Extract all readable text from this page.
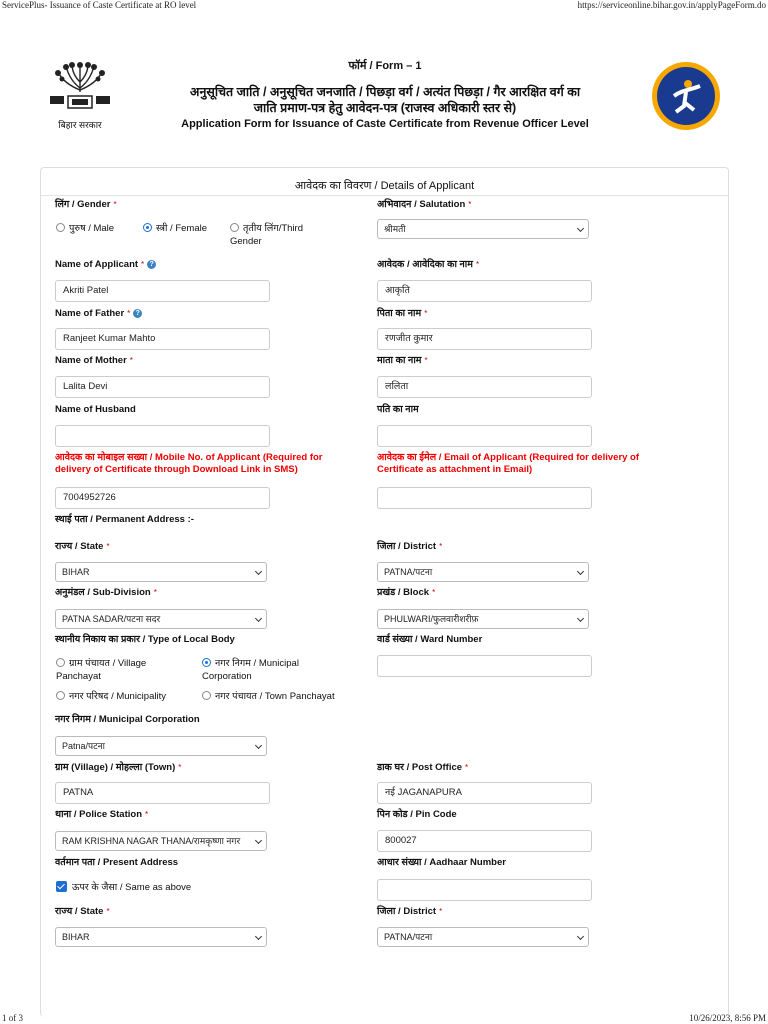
ServicePlus- Issuance of Caste Certificate at RO level	https://serviceonline.bihar.gov.in/applyPageForm.do
1 of 3	10/26/2023, 8:56 PM
बिहार सरकार
फॉर्म / Form – 1
अनुसूचित जाति / अनुसूचित जनजाति / पिछड़ा वर्ग / अत्यंत पिछड़ा / गैर आरक्षित वर्ग का
जाति प्रमाण-पत्र हेतु आवेदन-पत्र (राजस्व अधिकारी स्तर से)
Application Form for Issuance of Caste Certificate from Revenue Officer Level
आवेदक का विवरण / Details of Applicant
लिंग / Gender *
पुरुष / Male	स्त्री / Female	तृतीय लिंग/Third Gender
अभिवादन / Salutation *
श्रीमती
Name of Applicant * ?
Akriti Patel
आवेदक / आवेदिका का नाम *
आकृति
Name of Father * ?
Ranjeet Kumar Mahto
पिता का नाम *
रणजीत कुमार
Name of Mother *
Lalita Devi
माता का नाम *
ललिता
Name of Husband	पति का नाम
आवेदक का मोबाइल सख्या / Mobile No. of Applicant (Required for delivery of Certificate through Download Link in SMS)
7004952726
आवेदक का ईमेल / Email of Applicant (Required for delivery of Certificate as attachment in Email)
स्थाई पता / Permanent Address :-
राज्य / State *
BIHAR
जिला / District *
PATNA/पटना
अनुमंडल / Sub-Division *
PATNA SADAR/पटना सदर
प्रखंड / Block *
PHULWARI/फुलवारीशरीफ़
स्थानीय निकाय का प्रकार / Type of Local Body
ग्राम पंचायत / Village Panchayat
नगर निगम / Municipal Corporation
नगर परिषद / Municipality	नगर पंचायत / Town Panchayat
वार्ड संख्या / Ward Number
नगर निगम / Municipal Corporation
Patna/पटना
ग्राम (Village) / मोहल्ला (Town) *
PATNA
डाक घर / Post Office *
नई JAGANAPURA
थाना / Police Station *
RAM KRISHNA NAGAR THANA/रामकृष्णा नगर
पिन कोड / Pin Code
800027
वर्तमान पता / Present Address
ऊपर के जैसा / Same as above
आधार संख्या / Aadhaar Number
राज्य / State *
BIHAR
जिला / District *
PATNA/पटना
